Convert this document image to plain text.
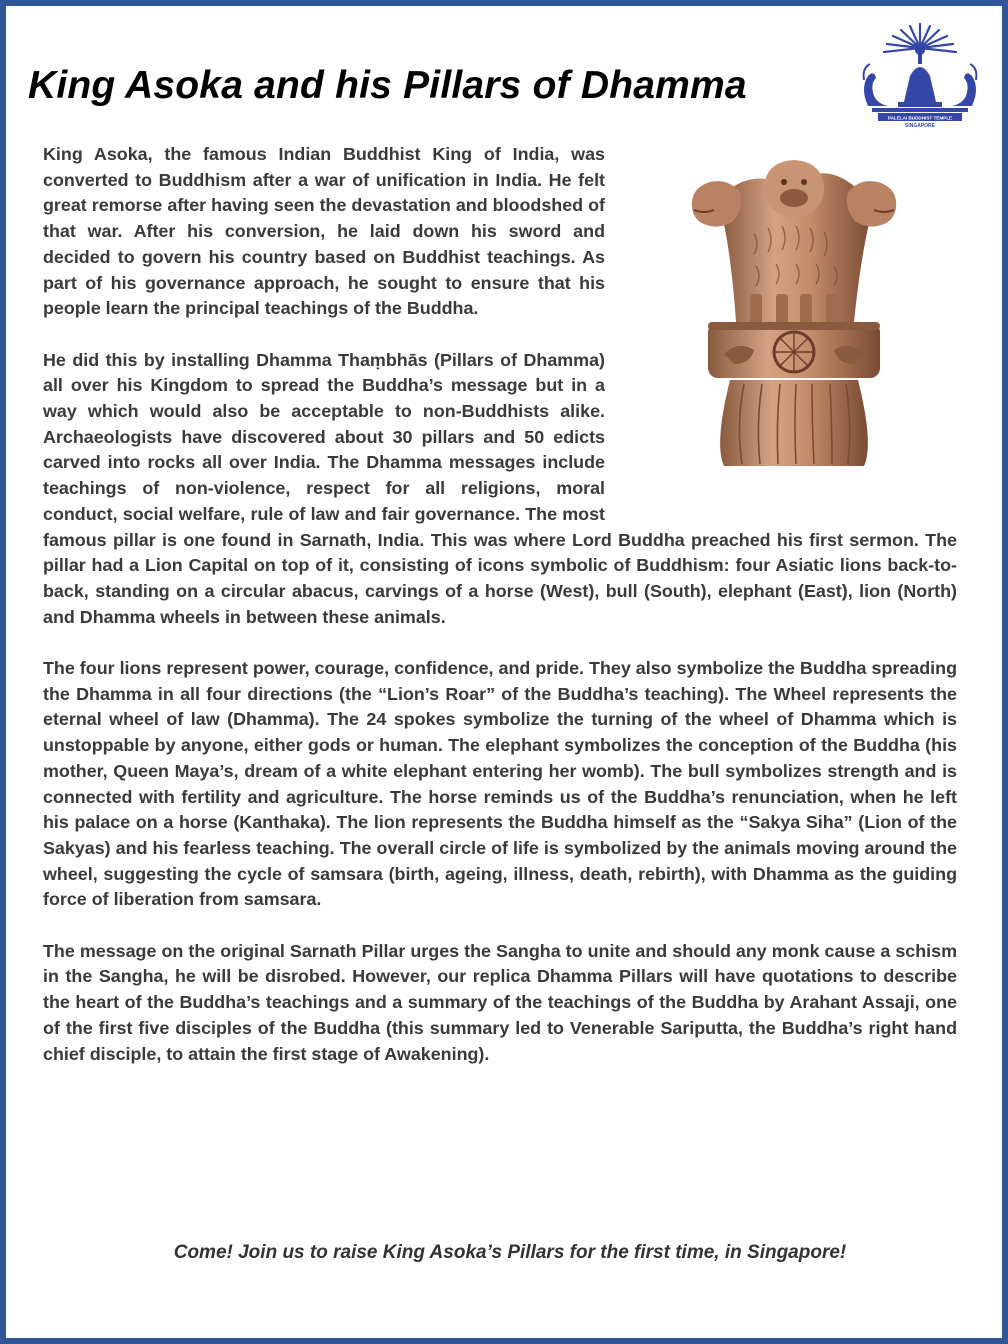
King Asoka and his Pillars of Dhamma
PALELAI BUDDHIST TEMPLE
SINGAPORE

King Asoka, the famous Indian Buddhist King of India, was converted to Buddhism after a war of unification in India. He felt great remorse after having seen the devastation and bloodshed of that war. After his conversion, he laid down his sword and decided to govern his country based on Buddhist teachings. As part of his governance approach, he sought to ensure that his people learn the principal teachings of the Buddha.

He did this by installing Dhamma Thaṃbhās (Pillars of Dhamma) all over his Kingdom to spread the Buddha’s message but in a way which would also be acceptable to non-Buddhists alike. Archaeologists have discovered about 30 pillars and 50 edicts carved into rocks all over India. The Dhamma messages include teachings of non-violence, respect for all religions, moral conduct, social welfare, rule of law and fair governance. The most famous pillar is one found in Sarnath, India. This was where Lord Buddha preached his first sermon. The pillar had a Lion Capital on top of it, consisting of icons symbolic of Buddhism: four Asiatic lions back-to-back, standing on a circular abacus, carvings of a horse (West), bull (South), elephant (East), lion (North) and Dhamma wheels in between these animals.

The four lions represent power, courage, confidence, and pride. They also symbolize the Buddha spreading the Dhamma in all four directions (the “Lion’s Roar” of the Buddha’s teaching). The Wheel represents the eternal wheel of law (Dhamma). The 24 spokes symbolize the turning of the wheel of Dhamma which is unstoppable by anyone, either gods or human. The elephant symbolizes the conception of the Buddha (his mother, Queen Maya’s, dream of a white elephant entering her womb). The bull symbolizes strength and is connected with fertility and agriculture. The horse reminds us of the Buddha’s renunciation, when he left his palace on a horse (Kanthaka). The lion represents the Buddha himself as the “Sakya Siha” (Lion of the Sakyas) and his fearless teaching. The overall circle of life is symbolized by the animals moving around the wheel, suggesting the cycle of samsara (birth, ageing, illness, death, rebirth), with Dhamma as the guiding force of liberation from samsara.

The message on the original Sarnath Pillar urges the Sangha to unite and should any monk cause a schism in the Sangha, he will be disrobed. However, our replica Dhamma Pillars will have quotations to describe the heart of the Buddha’s teachings and a summary of the teachings of the Buddha by Arahant Assaji, one of the first five disciples of the Buddha (this summary led to Venerable Sariputta, the Buddha’s right hand chief disciple, to attain the first stage of Awakening).

Come! Join us to raise King Asoka’s Pillars for the first time, in Singapore!
